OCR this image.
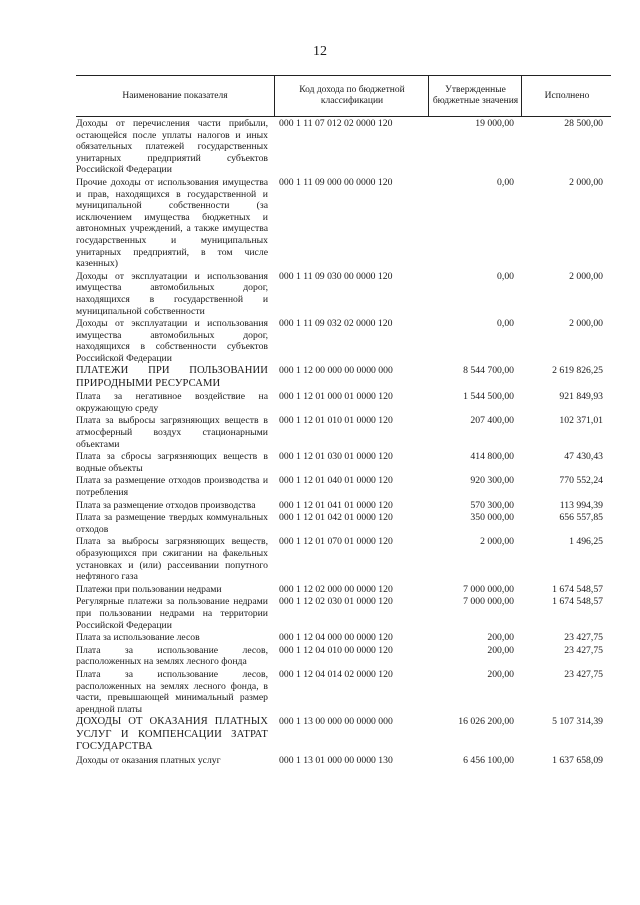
12
Наименование показателя
Код дохода по бюджетной классификации
Утвержденные бюджетные значения
Исполнено
Доходы от перечисления части прибыли, остающейся после уплаты налогов и иных обязательных платежей государственных унитарных предприятий субъектов Российской Федерации
000 1 11 07 012 02 0000 120	19 000,00	28 500,00
Прочие доходы от использования имущества и прав, находящихся в государственной и муниципальной собственности (за исключением имущества бюджетных и автономных учреждений, а также имущества государственных и муниципальных унитарных предприятий, в том числе казенных)
000 1 11 09 000 00 0000 120	0,00	2 000,00
Доходы от эксплуатации и использования имущества автомобильных дорог, находящихся в государственной и муниципальной собственности
000 1 11 09 030 00 0000 120	0,00	2 000,00
Доходы от эксплуатации и использования имущества автомобильных дорог, находящихся в собственности субъектов Российской Федерации
000 1 11 09 032 02 0000 120	0,00	2 000,00
ПЛАТЕЖИ ПРИ ПОЛЬЗОВАНИИ ПРИРОДНЫМИ РЕСУРСАМИ
000 1 12 00 000 00 0000 000	8 544 700,00	2 619 826,25
Плата за негативное воздействие на окружающую среду
000 1 12 01 000 01 0000 120	1 544 500,00	921 849,93
Плата за выбросы загрязняющих веществ в атмосферный воздух стационарными объектами
000 1 12 01 010 01 0000 120	207 400,00	102 371,01
Плата за сбросы загрязняющих веществ в водные объекты
000 1 12 01 030 01 0000 120	414 800,00	47 430,43
Плата за размещение отходов производства и потребления
000 1 12 01 040 01 0000 120	920 300,00	770 552,24
Плата за размещение отходов производства	000 1 12 01 041 01 0000 120	570 300,00	113 994,39
Плата за размещение твердых коммунальных отходов
000 1 12 01 042 01 0000 120	350 000,00	656 557,85
Плата за выбросы загрязняющих веществ, образующихся при сжигании на факельных установках и (или) рассеивании попутного нефтяного газа
000 1 12 01 070 01 0000 120	2 000,00	1 496,25
Платежи при пользовании недрами	000 1 12 02 000 00 0000 120	7 000 000,00	1 674 548,57
Регулярные платежи за пользование недрами при пользовании недрами на территории Российской Федерации
000 1 12 02 030 01 0000 120	7 000 000,00	1 674 548,57
Плата за использование лесов	000 1 12 04 000 00 0000 120	200,00	23 427,75
Плата за использование лесов, расположенных на землях лесного фонда
000 1 12 04 010 00 0000 120	200,00	23 427,75
Плата за использование лесов, расположенных на землях лесного фонда, в части, превышающей минимальный размер арендной платы
000 1 12 04 014 02 0000 120	200,00	23 427,75
ДОХОДЫ ОТ ОКАЗАНИЯ ПЛАТНЫХ УСЛУГ И КОМПЕНСАЦИИ ЗАТРАТ ГОСУДАРСТВА
000 1 13 00 000 00 0000 000	16 026 200,00	5 107 314,39
Доходы от оказания платных услуг	000 1 13 01 000 00 0000 130	6 456 100,00	1 637 658,09
